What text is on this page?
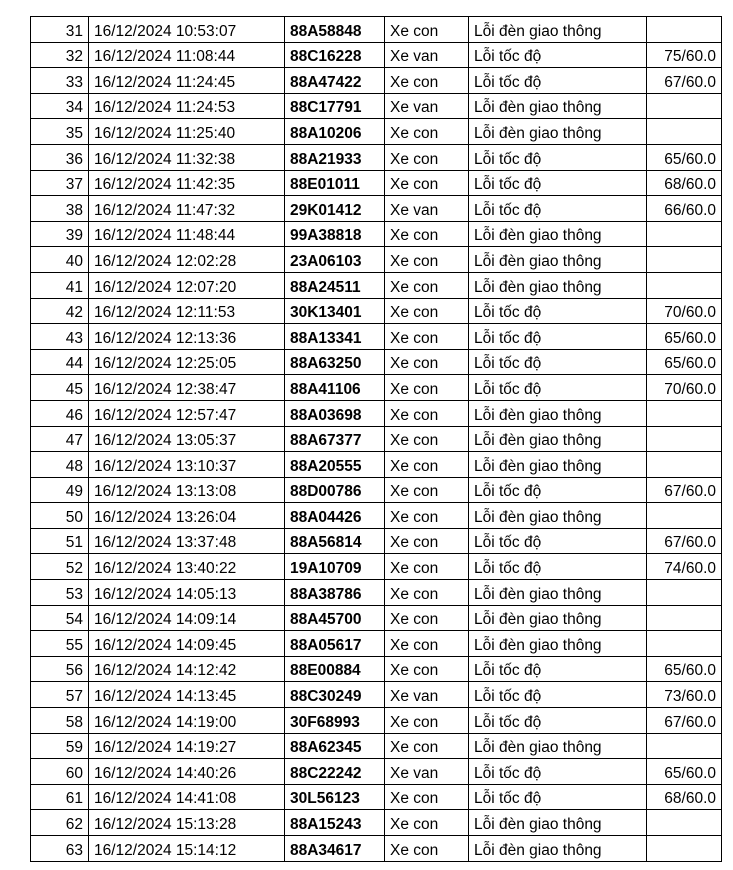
31	16/12/2024 10:53:07	88A58848	Xe con	Lỗi đèn giao thông	
32	16/12/2024 11:08:44	88C16228	Xe van	Lỗi tốc độ	75/60.0
33	16/12/2024 11:24:45	88A47422	Xe con	Lỗi tốc độ	67/60.0
34	16/12/2024 11:24:53	88C17791	Xe van	Lỗi đèn giao thông	
35	16/12/2024 11:25:40	88A10206	Xe con	Lỗi đèn giao thông	
36	16/12/2024 11:32:38	88A21933	Xe con	Lỗi tốc độ	65/60.0
37	16/12/2024 11:42:35	88E01011	Xe con	Lỗi tốc độ	68/60.0
38	16/12/2024 11:47:32	29K01412	Xe van	Lỗi tốc độ	66/60.0
39	16/12/2024 11:48:44	99A38818	Xe con	Lỗi đèn giao thông	
40	16/12/2024 12:02:28	23A06103	Xe con	Lỗi đèn giao thông	
41	16/12/2024 12:07:20	88A24511	Xe con	Lỗi đèn giao thông	
42	16/12/2024 12:11:53	30K13401	Xe con	Lỗi tốc độ	70/60.0
43	16/12/2024 12:13:36	88A13341	Xe con	Lỗi tốc độ	65/60.0
44	16/12/2024 12:25:05	88A63250	Xe con	Lỗi tốc độ	65/60.0
45	16/12/2024 12:38:47	88A41106	Xe con	Lỗi tốc độ	70/60.0
46	16/12/2024 12:57:47	88A03698	Xe con	Lỗi đèn giao thông	
47	16/12/2024 13:05:37	88A67377	Xe con	Lỗi đèn giao thông	
48	16/12/2024 13:10:37	88A20555	Xe con	Lỗi đèn giao thông	
49	16/12/2024 13:13:08	88D00786	Xe con	Lỗi tốc độ	67/60.0
50	16/12/2024 13:26:04	88A04426	Xe con	Lỗi đèn giao thông	
51	16/12/2024 13:37:48	88A56814	Xe con	Lỗi tốc độ	67/60.0
52	16/12/2024 13:40:22	19A10709	Xe con	Lỗi tốc độ	74/60.0
53	16/12/2024 14:05:13	88A38786	Xe con	Lỗi đèn giao thông	
54	16/12/2024 14:09:14	88A45700	Xe con	Lỗi đèn giao thông	
55	16/12/2024 14:09:45	88A05617	Xe con	Lỗi đèn giao thông	
56	16/12/2024 14:12:42	88E00884	Xe con	Lỗi tốc độ	65/60.0
57	16/12/2024 14:13:45	88C30249	Xe van	Lỗi tốc độ	73/60.0
58	16/12/2024 14:19:00	30F68993	Xe con	Lỗi tốc độ	67/60.0
59	16/12/2024 14:19:27	88A62345	Xe con	Lỗi đèn giao thông	
60	16/12/2024 14:40:26	88C22242	Xe van	Lỗi tốc độ	65/60.0
61	16/12/2024 14:41:08	30L56123	Xe con	Lỗi tốc độ	68/60.0
62	16/12/2024 15:13:28	88A15243	Xe con	Lỗi đèn giao thông	
63	16/12/2024 15:14:12	88A34617	Xe con	Lỗi đèn giao thông	
